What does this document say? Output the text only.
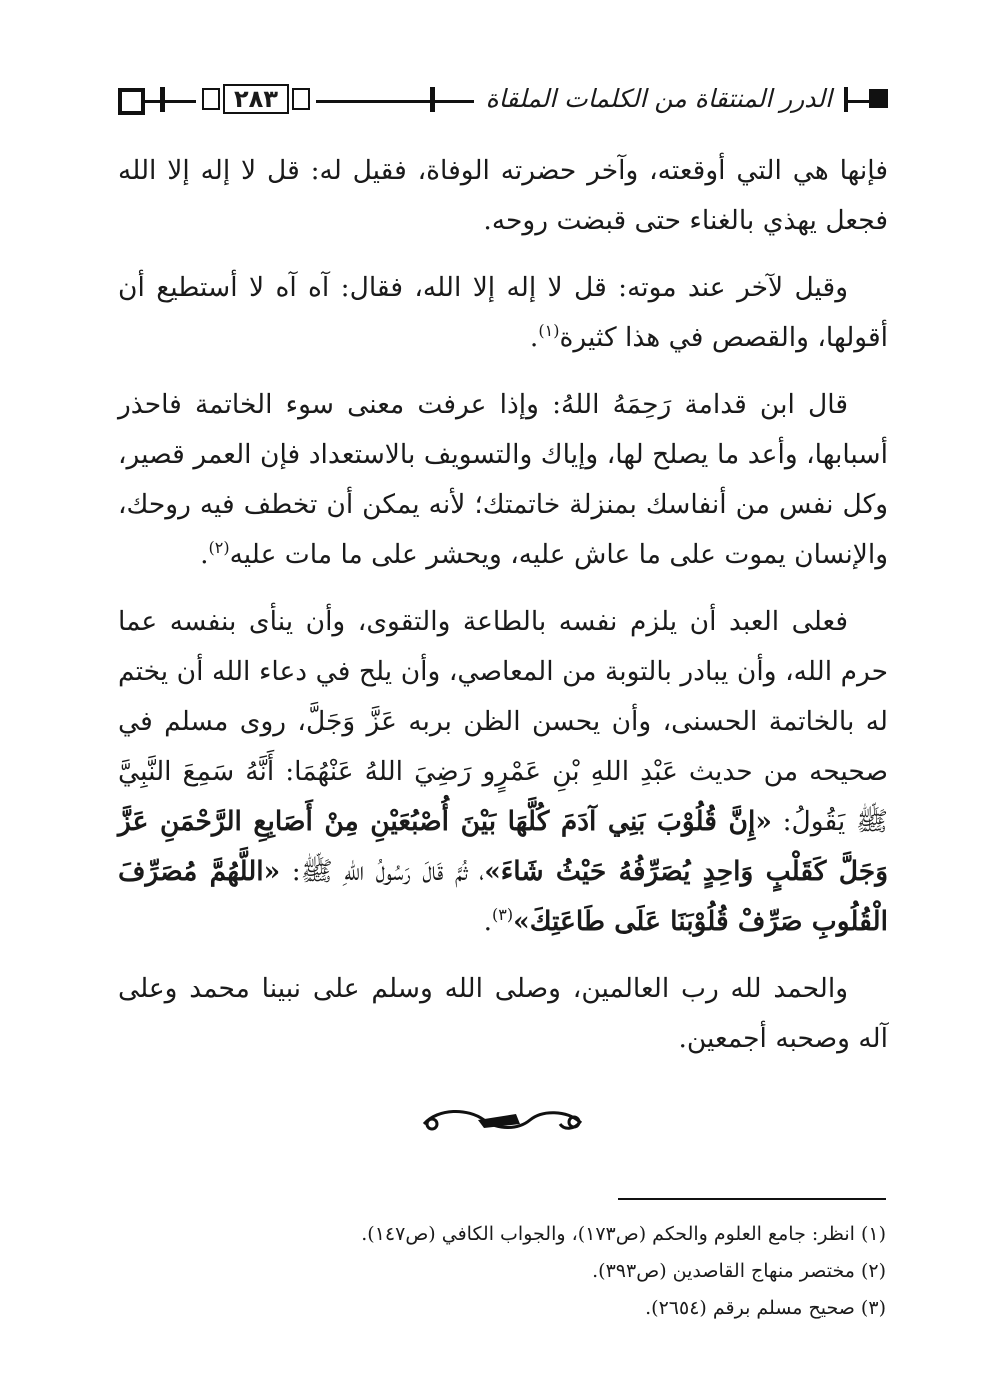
٢٨٣	الدرر المنتقاة من الكلمات الملقاة

فإنها هي التي أوقعته، وآخر حضرته الوفاة، فقيل له: قل لا إله إلا الله فجعل يهذي بالغناء حتى قبضت روحه.

وقيل لآخر عند موته: قل لا إله إلا الله، فقال: آه آه لا أستطيع أن أقولها، والقصص في هذا كثيرة$^{(١)}$.

قال ابن قدامة رَحِمَهُ اللهُ: وإذا عرفت معنى سوء الخاتمة فاحذر أسبابها، وأعد ما يصلح لها، وإياك والتسويف بالاستعداد فإن العمر قصير، وكل نفس من أنفاسك بمنزلة خاتمتك؛ لأنه يمكن أن تخطف فيه روحك، والإنسان يموت على ما عاش عليه، ويحشر على ما مات عليه$^{(٢)}$.

فعلى العبد أن يلزم نفسه بالطاعة والتقوى، وأن ينأى بنفسه عما حرم الله، وأن يبادر بالتوبة من المعاصي، وأن يلح في دعاء الله أن يختم له بالخاتمة الحسنى، وأن يحسن الظن بربه عَزَّ وَجَلَّ، روى مسلم في صحيحه من حديث عَبْدِ اللهِ بْنِ عَمْرٍو رَضِيَ اللهُ عَنْهُمَا: أَنَّهُ سَمِعَ النَّبِيَّ ﷺ يَقُولُ: «إِنَّ قُلُوْبَ بَنِي آدَمَ كُلَّهَا بَيْنَ أُصْبُعَيْنِ مِنْ أَصَابِعِ الرَّحْمَنِ عَزَّ وَجَلَّ كَقَلْبٍ وَاحِدٍ يُصَرِّفُهُ حَيْثُ شَاءَ»، ثُمَّ قَالَ رَسُولُ اللهِ ﷺ: «اللَّهُمَّ مُصَرِّفَ الْقُلُوبِ صَرِّفْ قُلُوْبَنَا عَلَى طَاعَتِكَ»$^{(٣)}$.

والحمد لله رب العالمين، وصلى الله وسلم على نبينا محمد وعلى آله وصحبه أجمعين.

(١) انظر: جامع العلوم والحكم (ص١٧٣)، والجواب الكافي (ص١٤٧).
(٢) مختصر منهاج القاصدين (ص٣٩٣).
(٣) صحيح مسلم برقم (٢٦٥٤).
